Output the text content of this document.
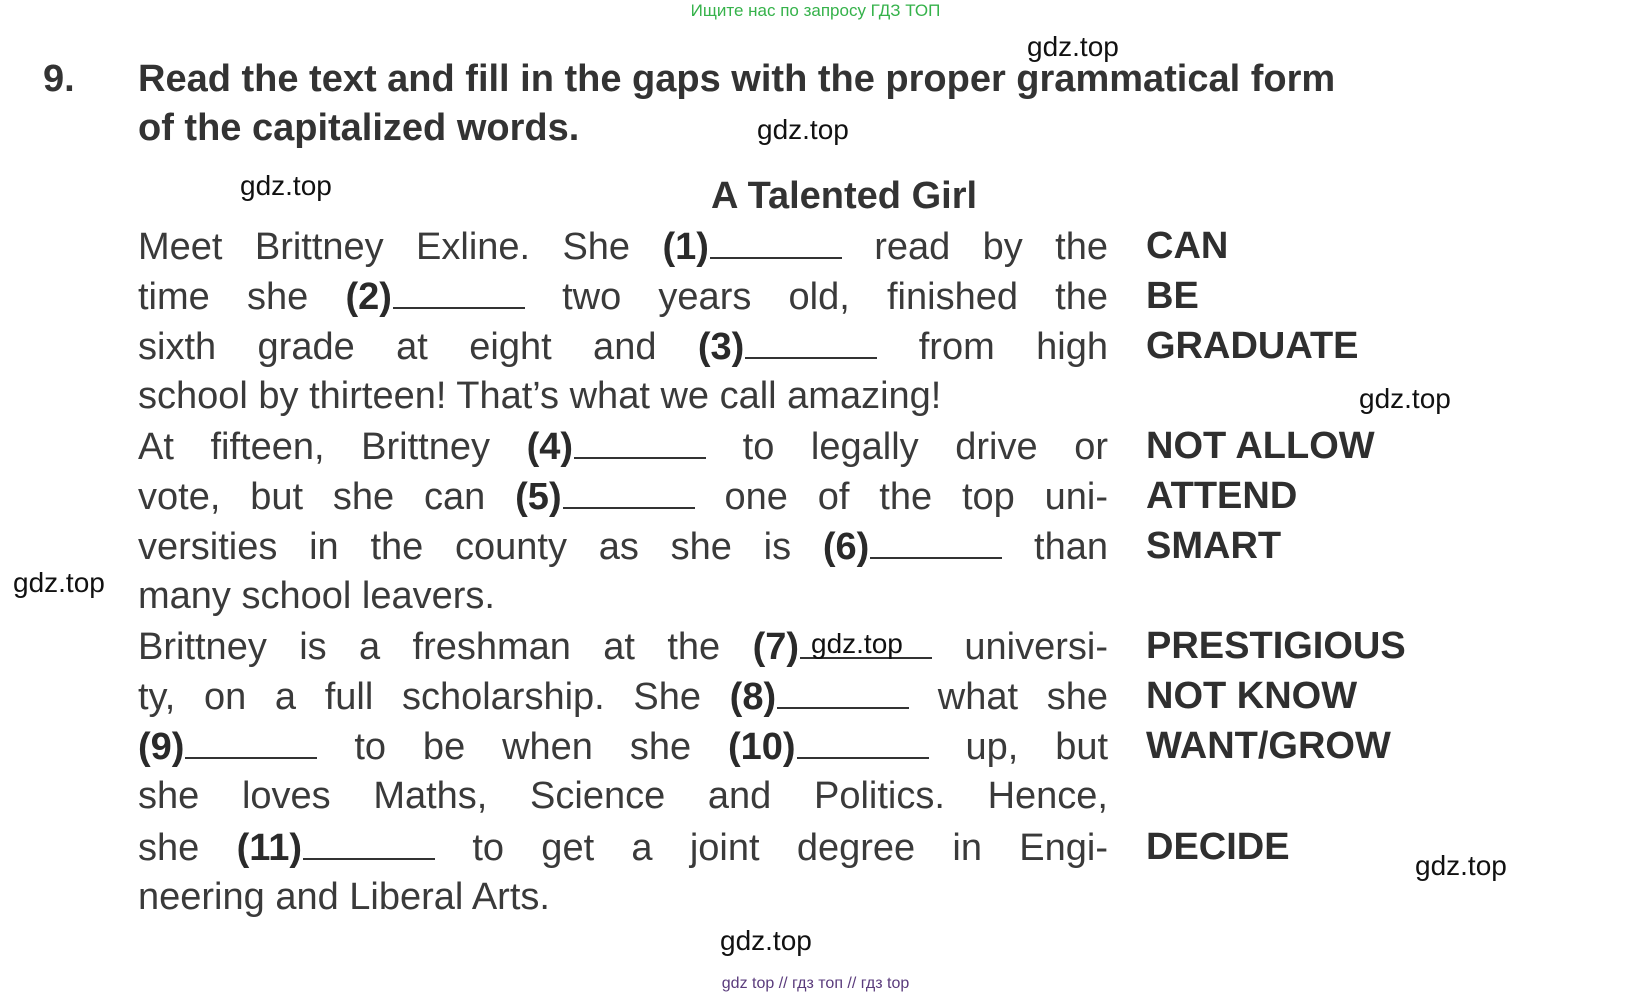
Ищите нас по запросу ГДЗ ТОП
9. Read the text and fill in the gaps with the proper grammatical form
of the capitalized words.
A Talented Girl
Meet Brittney Exline. She (1)	read by the
time she (2)	two years old, finished the
sixth grade at eight and (3)	from high
school by thirteen! That’s what we call amazing!
At fifteen, Brittney (4)	to legally drive or
vote, but she can (5)	one of the top uni-
versities in the county as she is (6)	than
many school leavers.
Brittney is a freshman at the (7)	universi-
ty, on a full scholarship. She (8)	what she
(9)	to be when she (10)	up, but
she loves Maths, Science and Politics. Hence,
she (11)	to get a joint degree in Engi-
neering and Liberal Arts.
CAN
BE
GRADUATE
NOT ALLOW
ATTEND
SMART
PRESTIGIOUS
NOT KNOW
WANT/GROW
DECIDE
gdz.top
gdz.top
gdz.top
gdz.top
gdz.top
gdz.top
gdz.top
gdz.top
gdz top // гдз топ // гдз top
